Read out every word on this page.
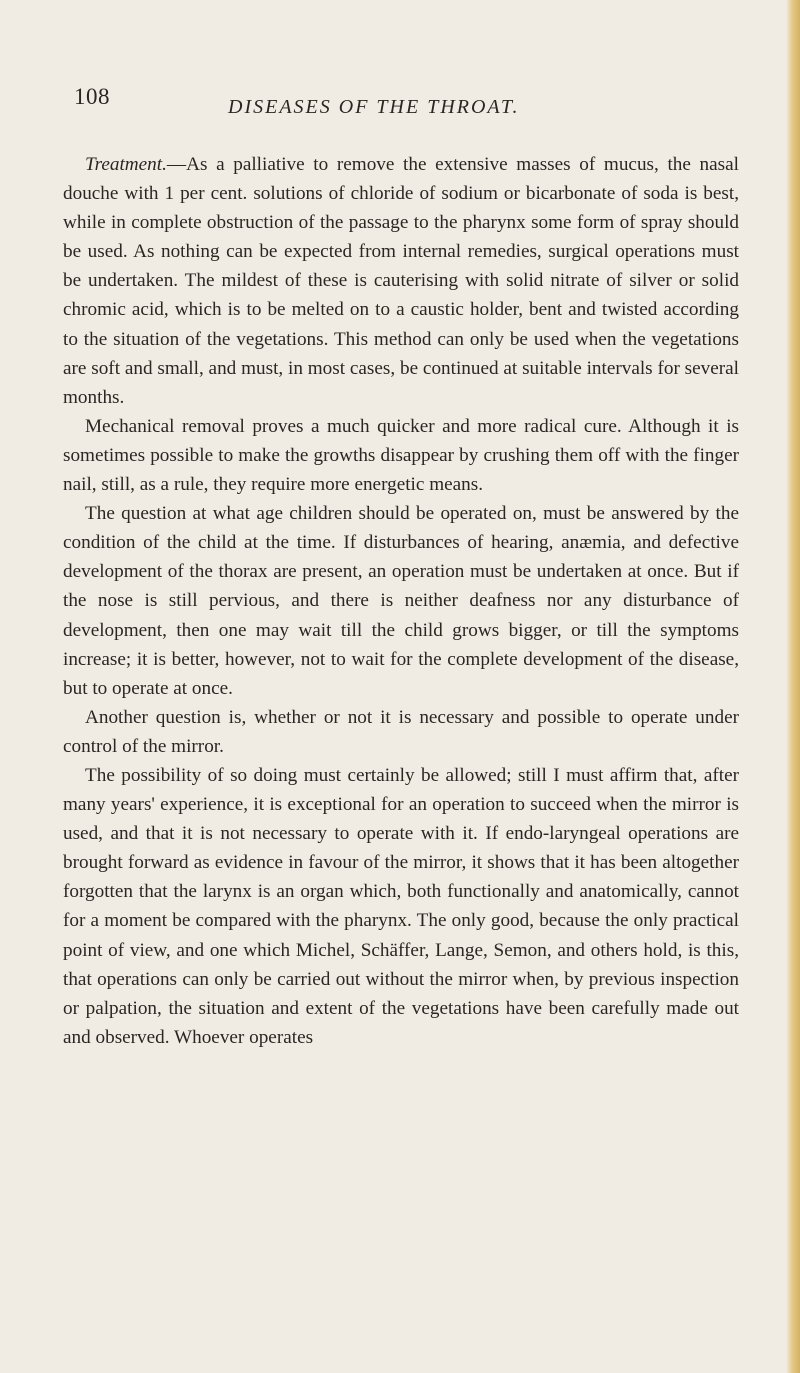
108	DISEASES OF THE THROAT.

Treatment.—As a palliative to remove the extensive masses of mucus, the nasal douche with 1 per cent. solutions of chloride of sodium or bicarbonate of soda is best, while in complete obstruction of the passage to the pharynx some form of spray should be used. As nothing can be expected from internal remedies, surgical operations must be undertaken. The mildest of these is cauterising with solid nitrate of silver or solid chromic acid, which is to be melted on to a caustic holder, bent and twisted according to the situation of the vegetations. This method can only be used when the vegetations are soft and small, and must, in most cases, be continued at suitable intervals for several months.

Mechanical removal proves a much quicker and more radical cure. Although it is sometimes possible to make the growths disappear by crushing them off with the finger nail, still, as a rule, they require more energetic means.

The question at what age children should be operated on, must be answered by the condition of the child at the time. If disturbances of hearing, anæmia, and defective development of the thorax are present, an operation must be undertaken at once. But if the nose is still pervious, and there is neither deafness nor any disturbance of development, then one may wait till the child grows bigger, or till the symptoms increase; it is better, however, not to wait for the complete development of the disease, but to operate at once.

Another question is, whether or not it is necessary and possible to operate under control of the mirror.

The possibility of so doing must certainly be allowed; still I must affirm that, after many years' experience, it is exceptional for an operation to succeed when the mirror is used, and that it is not necessary to operate with it. If endo-laryngeal operations are brought forward as evidence in favour of the mirror, it shows that it has been altogether forgotten that the larynx is an organ which, both functionally and anatomically, cannot for a moment be compared with the pharynx. The only good, because the only practical point of view, and one which Michel, Schäffer, Lange, Semon, and others hold, is this, that operations can only be carried out without the mirror when, by previous inspection or palpation, the situation and extent of the vegetations have been carefully made out and observed. Whoever operates
